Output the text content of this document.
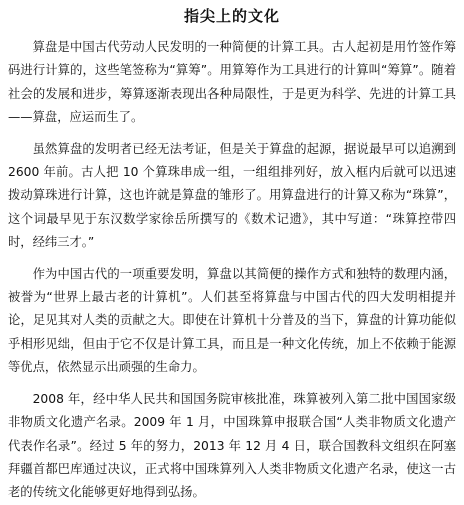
指尖上的文化

算盘是中国古代劳动人民发明的一种简便的计算工具。古人起初是用竹签作筹码进行计算的，这些笔签称为“算筹”。用算筹作为工具进行的计算叫“筹算”。随着社会的发展和进步，筹算逐渐表现出各种局限性，于是更为科学、先进的计算工具——算盘，应运而生了。

虽然算盘的发明者已经无法考证，但是关于算盘的起源，据说最早可以追溯到 2600 年前。古人把 10 个算珠串成一组，一组组排列好，放入框内后就可以迅速拨动算珠进行计算，这也许就是算盘的雏形了。用算盘进行的计算又称为“珠算”，这个词最早见于东汉数学家徐岳所撰写的《数术记遗》，其中写道：“珠算控带四时，经纬三才。”

作为中国古代的一项重要发明，算盘以其简便的操作方式和独特的数理内涵，被誉为“世界上最古老的计算机”。人们甚至将算盘与中国古代的四大发明相提并论，足见其对人类的贡献之大。即使在计算机十分普及的当下，算盘的计算功能似乎相形见绌，但由于它不仅是计算工具，而且是一种文化传统，加上不依赖于能源等优点，依然显示出顽强的生命力。

2008 年，经中华人民共和国国务院审核批准，珠算被列入第二批中国国家级非物质文化遗产名录。2009 年 1 月，中国珠算申报联合国“人类非物质文化遗产代表作名录”。经过 5 年的努力，2013 年 12 月 4 日，联合国教科文组织在阿塞拜疆首都巴库通过决议，正式将中国珠算列入人类非物质文化遗产名录，使这一古老的传统文化能够更好地得到弘扬。
